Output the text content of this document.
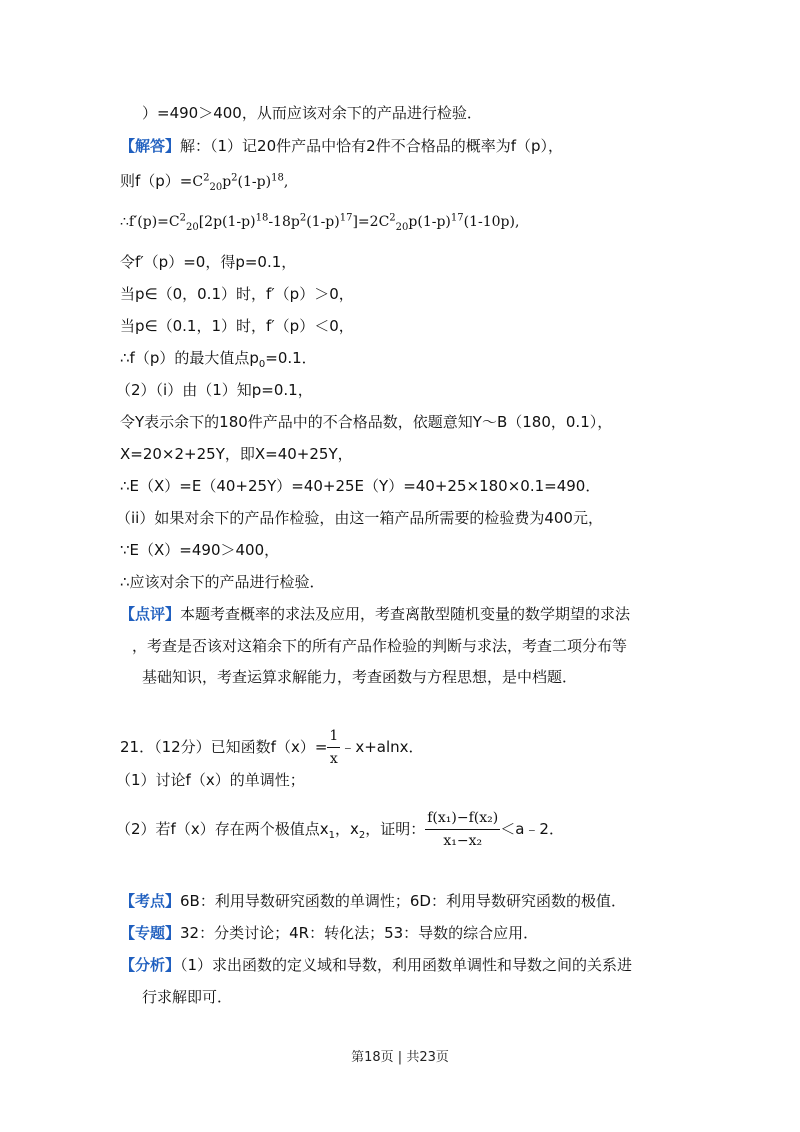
）=490＞400，从而应该对余下的产品进行检验．
【解答】解：（1）记20件产品中恰有2件不合格品的概率为f（p），
则$f(p)=C^2_{20}p^2(1-p)^{18}$,
$\therefore f'(p)=C^2_{20}[2p(1-p)^{18}-18p^2(1-p)^{17}]=2C^2_{20}p(1-p)^{17}(1-10p)$,
令f′（p）=0，得p=0.1，
当p∈（0，0.1）时，f′（p）＞0，
当p∈（0.1，1）时，f′（p）＜0，
∴f（p）的最大值点$p_0=0.1$．
（2）（i）由（1）知p=0.1，
令Y表示余下的180件产品中的不合格品数，依题意知Y～B（180，0.1），
X=20×2+25Y，即X=40+25Y，
∴E（X）=E（40+25Y）=40+25E（Y）=40+25×180×0.1=490．
（ii）如果对余下的产品作检验，由这一箱产品所需要的检验费为400元，
∵E（X）=490＞400，
∴应该对余下的产品进行检验．
【点评】本题考查概率的求法及应用，考查离散型随机变量的数学期望的求法
，考查是否该对这箱余下的所有产品作检验的判断与求法，考查二项分布等
基础知识，考查运算求解能力，考查函数与方程思想，是中档题．
21．（12分）已知函数$f(x)= \frac{1}{x}$ ﹣x+alnx．
（1）讨论f（x）的单调性；
（2）若f（x）存在两个极值点$x_1$，$x_2$，证明： $\frac{\text{f(x₁)−f(x₂)}}{\text{x₁−x₂}}$ ＜a﹣2．
【考点】6B：利用导数研究函数的单调性；6D：利用导数研究函数的极值．
【专题】32：分类讨论；4R：转化法；53：导数的综合应用．
【分析】（1）求出函数的定义域和导数，利用函数单调性和导数之间的关系进
行求解即可．
第18页 | 共23页
